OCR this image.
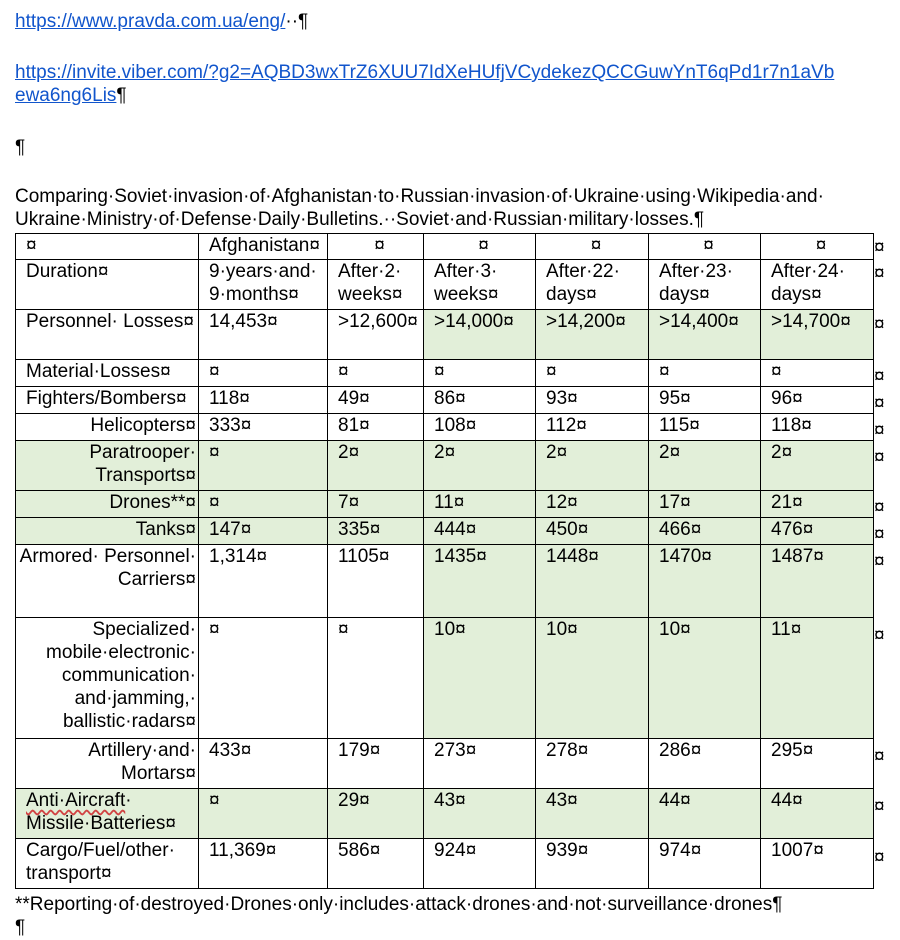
https://www.pravda.com.ua/eng/··¶
https://invite.viber.com/?g2=AQBD3wxTrZ6XUU7IdXeHUfjVCydekezQCCGuwYnT6qPd1r7n1aVb
ewa6ng6Lis¶
¶
Comparing·Soviet·invasion·of·Afghanistan·to·Russian·invasion·of·Ukraine·using·Wikipedia·and·
Ukraine·Ministry·of·Defense·Daily·Bulletins.··Soviet·and·Russian·military·losses.¶
¤	Afghanistan¤	¤	¤	¤	¤	¤
Duration¤	9·years·and· 9·months¤	After·2· weeks¤	After·3· weeks¤	After·22· days¤	After·23· days¤	After·24· days¤
Personnel· Losses¤	14,453¤	>12,600¤	>14,000¤	>14,200¤	>14,400¤	>14,700¤
Material·Losses¤	¤	¤	¤	¤	¤	¤
Fighters/Bombers¤	118¤	49¤	86¤	93¤	95¤	96¤
Helicopters¤	333¤	81¤	108¤	112¤	115¤	118¤
Paratrooper· Transports¤	¤	2¤	2¤	2¤	2¤	2¤
Drones**¤	¤	7¤	11¤	12¤	17¤	21¤
Tanks¤	147¤	335¤	444¤	450¤	466¤	476¤
Armored· Personnel· Carriers¤	1,314¤	1105¤	1435¤	1448¤	1470¤	1487¤
Specialized· mobile·electronic· communication· and·jamming,· ballistic·radars¤	¤	¤	10¤	10¤	10¤	11¤
Artillery·and· Mortars¤	433¤	179¤	273¤	278¤	286¤	295¤
Anti·Aircraft· Missile·Batteries¤	¤	29¤	43¤	43¤	44¤	44¤
Cargo/Fuel/other· transport¤	11,369¤	586¤	924¤	939¤	974¤	1007¤
¤
¤
¤
¤
¤
¤
¤
¤
¤
¤
¤
¤
¤
¤
**Reporting·of·destroyed·Drones·only·includes·attack·drones·and·not·surveillance·drones¶
¶
